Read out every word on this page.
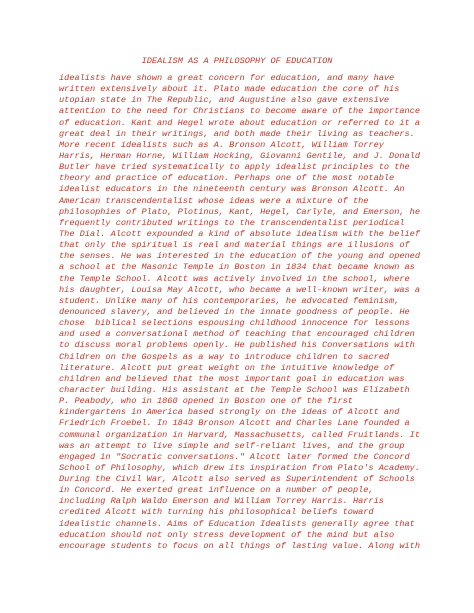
IDEALISM AS A PHILOSOPHY OF EDUCATION
idealists have shown a great concern for education, and many have
written extensively about it. Plato made education the core of his
utopian state in The Republic, and Augustine also gave extensive
attention to the need for Christians to become aware of the importance
of education. Kant and Hegel wrote about education or referred to it a
great deal in their writings, and both made their living as teachers.
More recent idealists such as A. Bronson Alcott, William Torrey
Harris, Herman Horne, William Hocking, Giovanni Gentile, and J. Donald
Butler have tried systematically to apply idealist principles to the
theory and practice of education. Perhaps one of the most notable
idealist educators in the nineteenth century was Bronson Alcott. An
American transcendentalist whose ideas were a mixture of the
philosophies of Plato, Plotinus, Kant, Hegel, Carlyle, and Emerson, he
frequently contributed writings to the transcendentalist periodical
The Dial. Alcott expounded a kind of absolute idealism with the belief
that only the spiritual is real and material things are illusions of
the senses. He was interested in the education of the young and opened
a school at the Masonic Temple in Boston in 1834 that became known as
the Temple School. Alcott was actively involved in the school, where
his daughter, Louisa May Alcott, who became a well-known writer, was a
student. Unlike many of his contemporaries, he advocated feminism,
denounced slavery, and believed in the innate goodness of people. He
chose  biblical selections espousing childhood innocence for lessons
and used a conversational method of teaching that encouraged children
to discuss moral problems openly. He published his Conversations with
Children on the Gospels as a way to introduce children to sacred
literature. Alcott put great weight on the intuitive knowledge of
children and believed that the most important goal in education was
character building. His assistant at the Temple School was Elizabeth
P. Peabody, who in 1860 opened in Boston one of the first
kindergartens in America based strongly on the ideas of Alcott and
Friedrich Froebel. In 1843 Bronson Alcott and Charles Lane founded a
communal organization in Harvard, Massachusetts, called Fruitlands. It
was an attempt to live simple and self-reliant lives, and the group
engaged in "Socratic conversations." Alcott later formed the Concord
School of Philosophy, which drew its inspiration from Plato's Academy.
During the Civil War, Alcott also served as Superintendent of Schools
in Concord. He exerted great influence on a number of people,
including Ralph Waldo Emerson and William Torrey Harris. Harris
credited Alcott with turning his philosophical beliefs toward
idealistic channels. Aims of Education Idealists generally agree that
education should not only stress development of the mind but also
encourage students to focus on all things of lasting value. Along with
